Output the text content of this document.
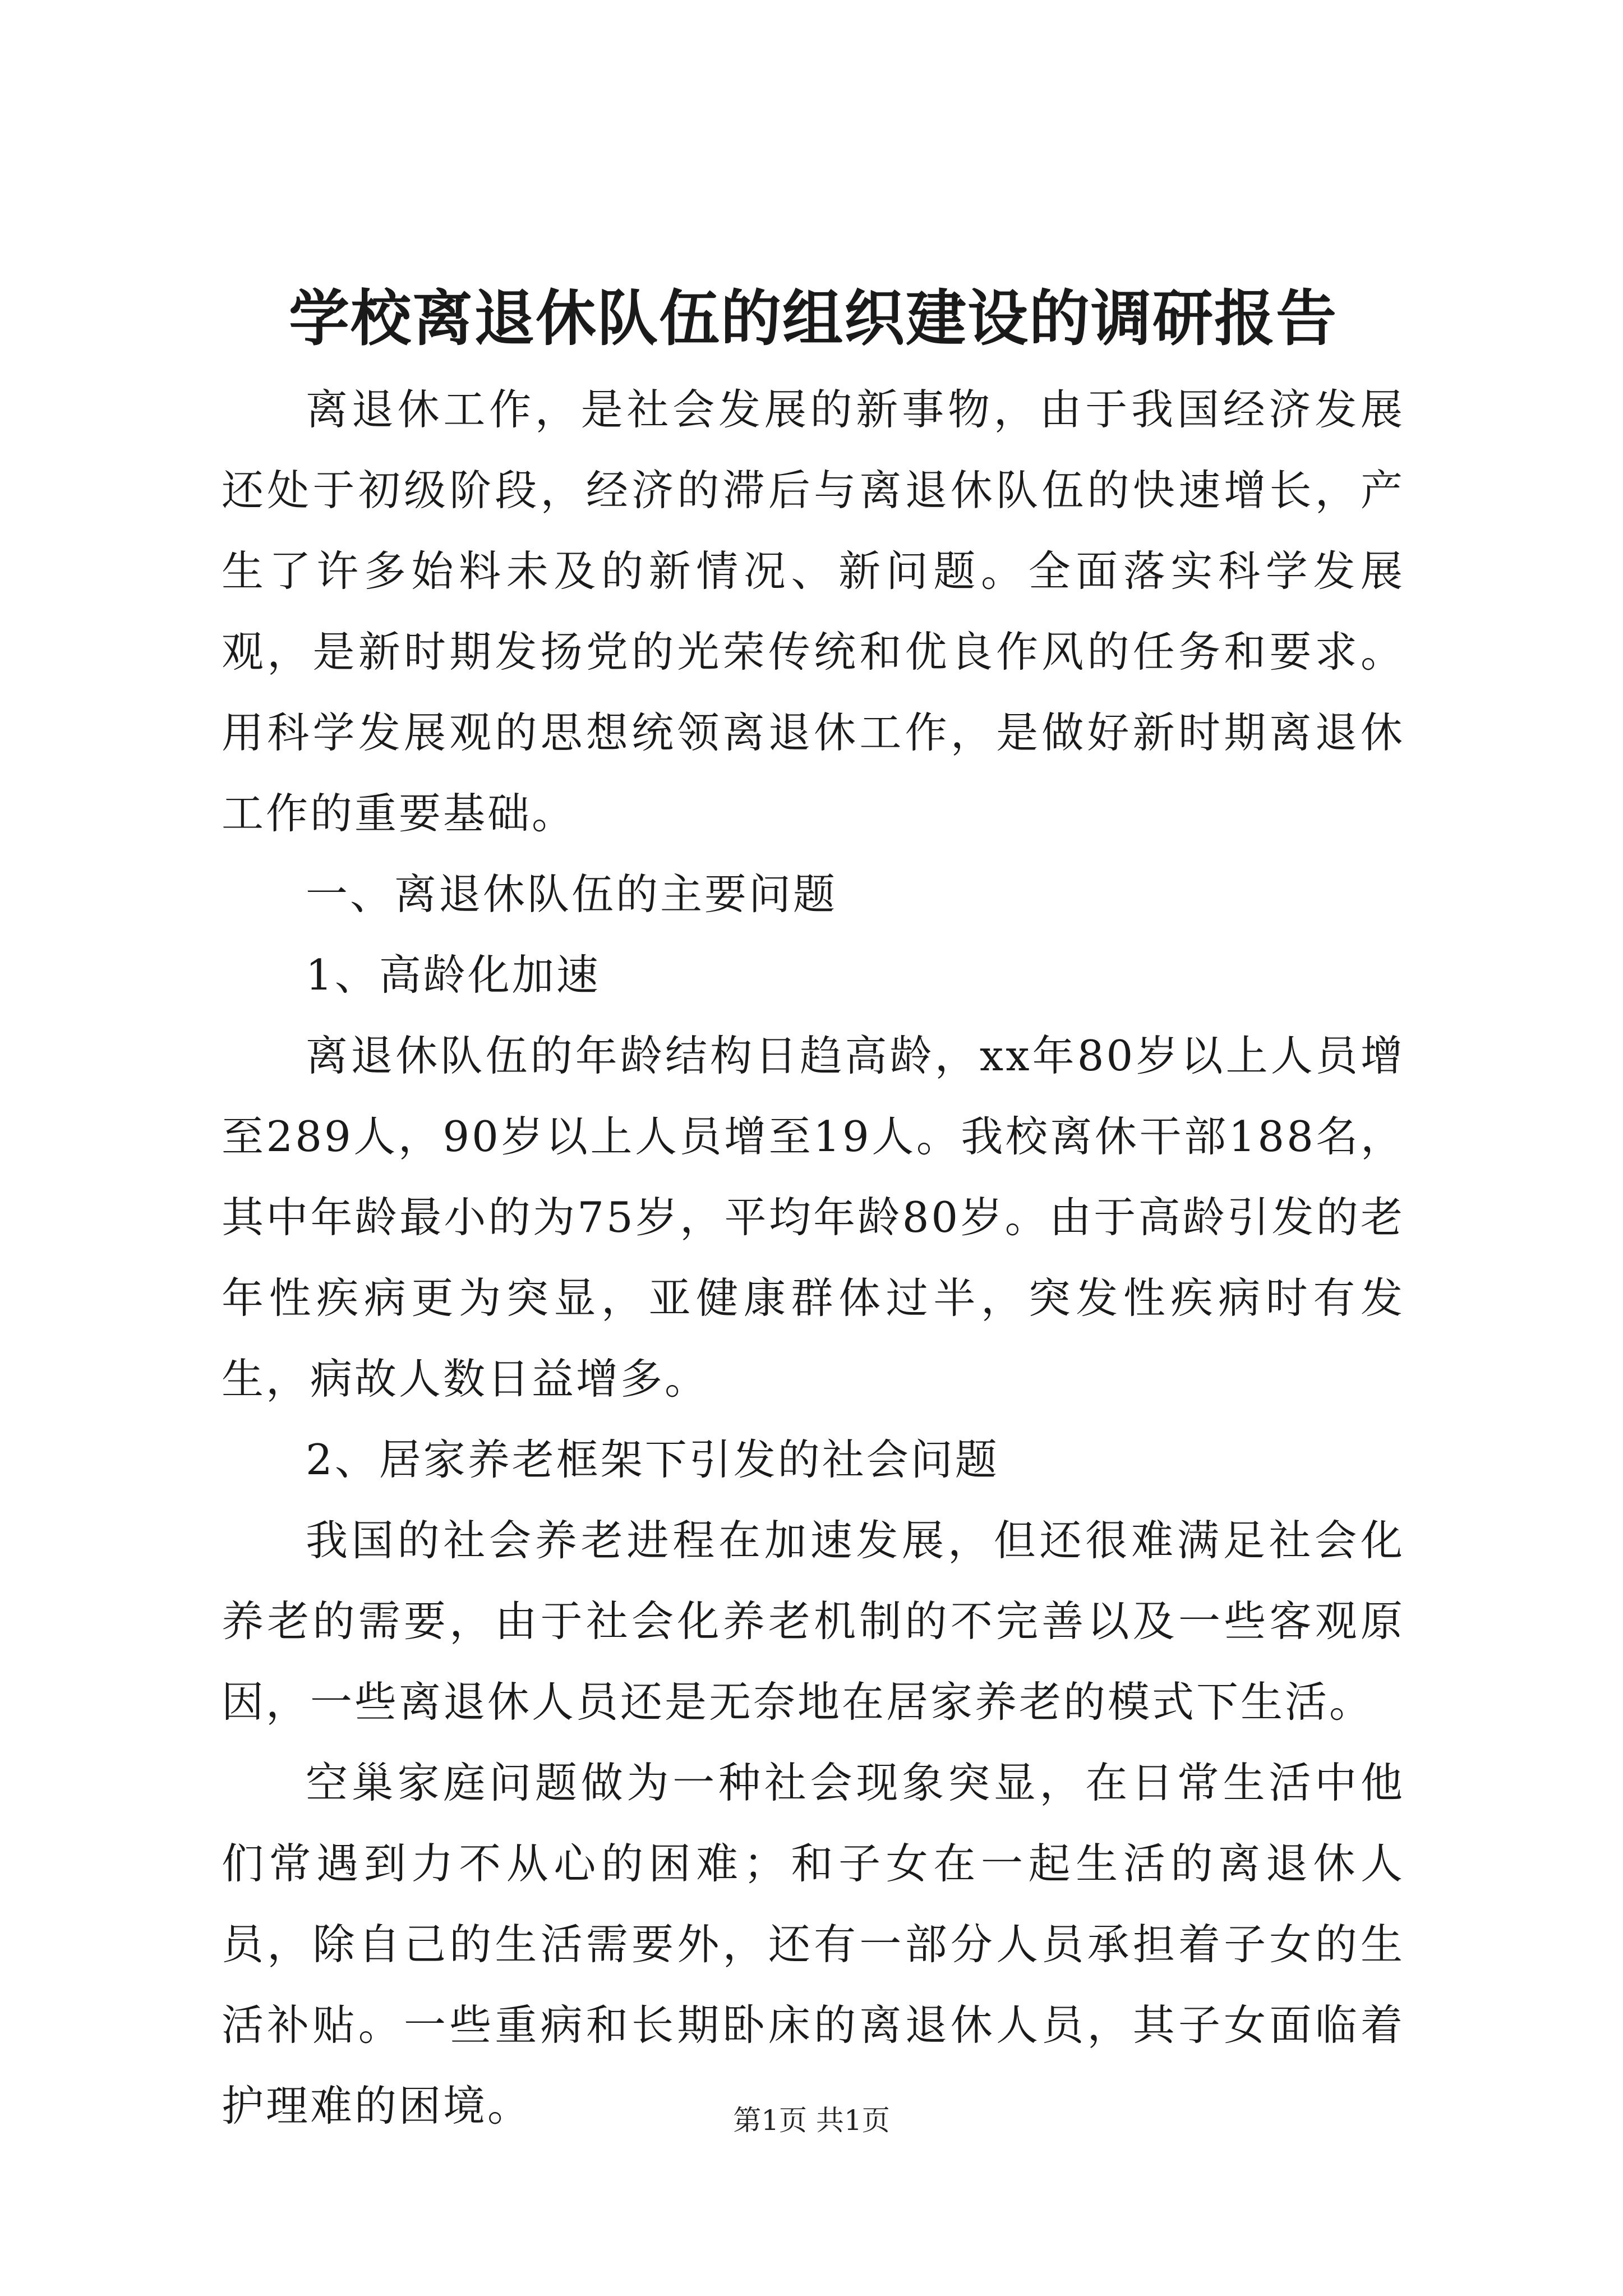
学校离退休队伍的组织建设的调研报告

离退休工作，是社会发展的新事物，由于我国经济发展还处于初级阶段，经济的滞后与离退休队伍的快速增长，产生了许多始料未及的新情况、新问题。全面落实科学发展观，是新时期发扬党的光荣传统和优良作风的任务和要求。用科学发展观的思想统领离退休工作，是做好新时期离退休工作的重要基础。

一、离退休队伍的主要问题

1、高龄化加速

离退休队伍的年龄结构日趋高龄，xx年80岁以上人员增至289人，90岁以上人员增至19人。我校离休干部188名，其中年龄最小的为75岁，平均年龄80岁。由于高龄引发的老年性疾病更为突显，亚健康群体过半，突发性疾病时有发生，病故人数日益增多。

2、居家养老框架下引发的社会问题

我国的社会养老进程在加速发展，但还很难满足社会化养老的需要，由于社会化养老机制的不完善以及一些客观原因，一些离退休人员还是无奈地在居家养老的模式下生活。

空巢家庭问题做为一种社会现象突显，在日常生活中他们常遇到力不从心的困难；和子女在一起生活的离退休人员，除自己的生活需要外，还有一部分人员承担着子女的生活补贴。一些重病和长期卧床的离退休人员，其子女面临着护理难的困境。	第1页 共1页
